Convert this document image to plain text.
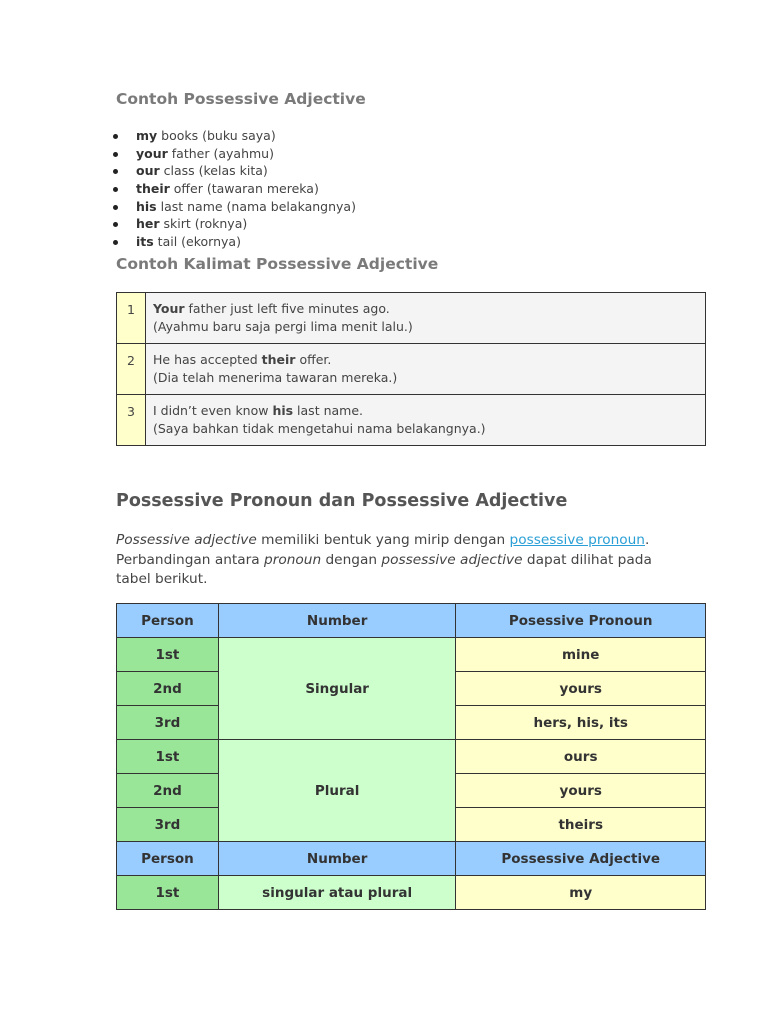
Contoh Possessive Adjective
my books (buku saya)
your father (ayahmu)
our class (kelas kita)
their offer (tawaran mereka)
his last name (nama belakangnya)
her skirt (roknya)
its tail (ekornya)
Contoh Kalimat Possessive Adjective
1	Your father just left five minutes ago.
(Ayahmu baru saja pergi lima menit lalu.)
2	He has accepted their offer.
(Dia telah menerima tawaran mereka.)
3	I didn’t even know his last name.
(Saya bahkan tidak mengetahui nama belakangnya.)
Possessive Pronoun dan Possessive Adjective
Possessive adjective memiliki bentuk yang mirip dengan possessive pronoun. Perbandingan antara pronoun dengan possessive adjective dapat dilihat pada tabel berikut.
Person	Number	Posessive Pronoun
1st	Singular	mine
2nd		yours
3rd		hers, his, its
1st	Plural	ours
2nd		yours
3rd		theirs
Person	Number	Possessive Adjective
1st	singular atau plural	my
